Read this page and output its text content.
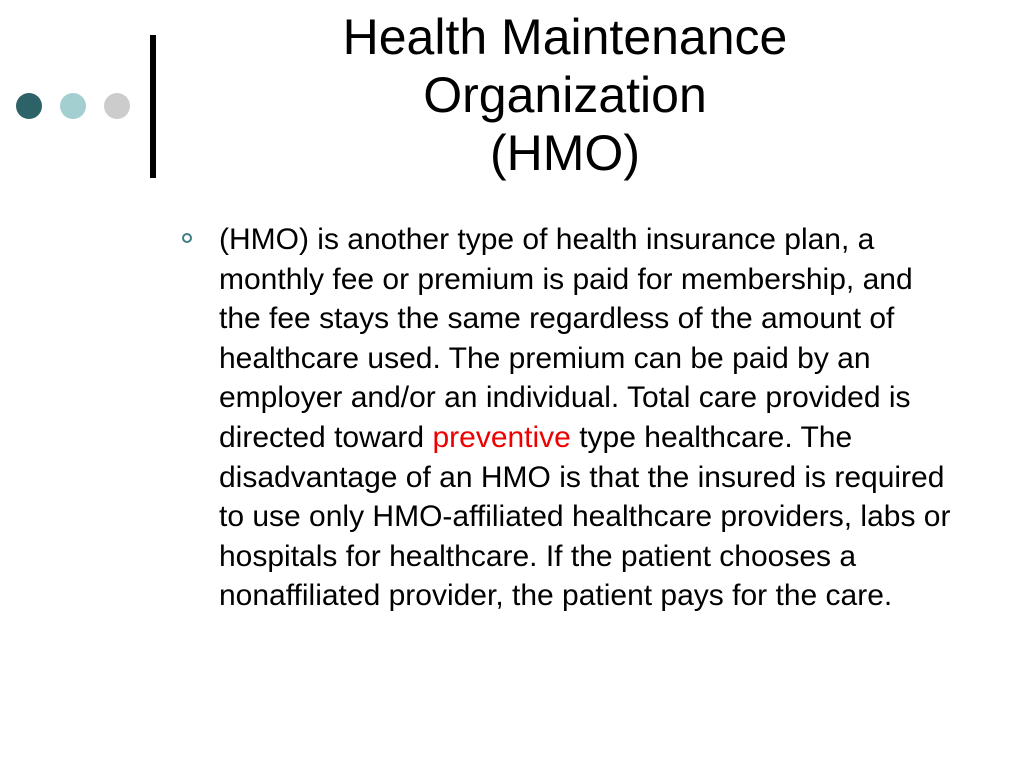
Health Maintenance
Organization
(HMO)

(HMO) is another type of health insurance plan, a monthly fee or premium is paid for membership, and the fee stays the same regardless of the amount of healthcare used. The premium can be paid by an employer and/or an individual. Total care provided is directed toward preventive type healthcare. The disadvantage of an HMO is that the insured is required to use only HMO-affiliated healthcare providers, labs or hospitals for healthcare. If the patient chooses a nonaffiliated provider, the patient pays for the care.
